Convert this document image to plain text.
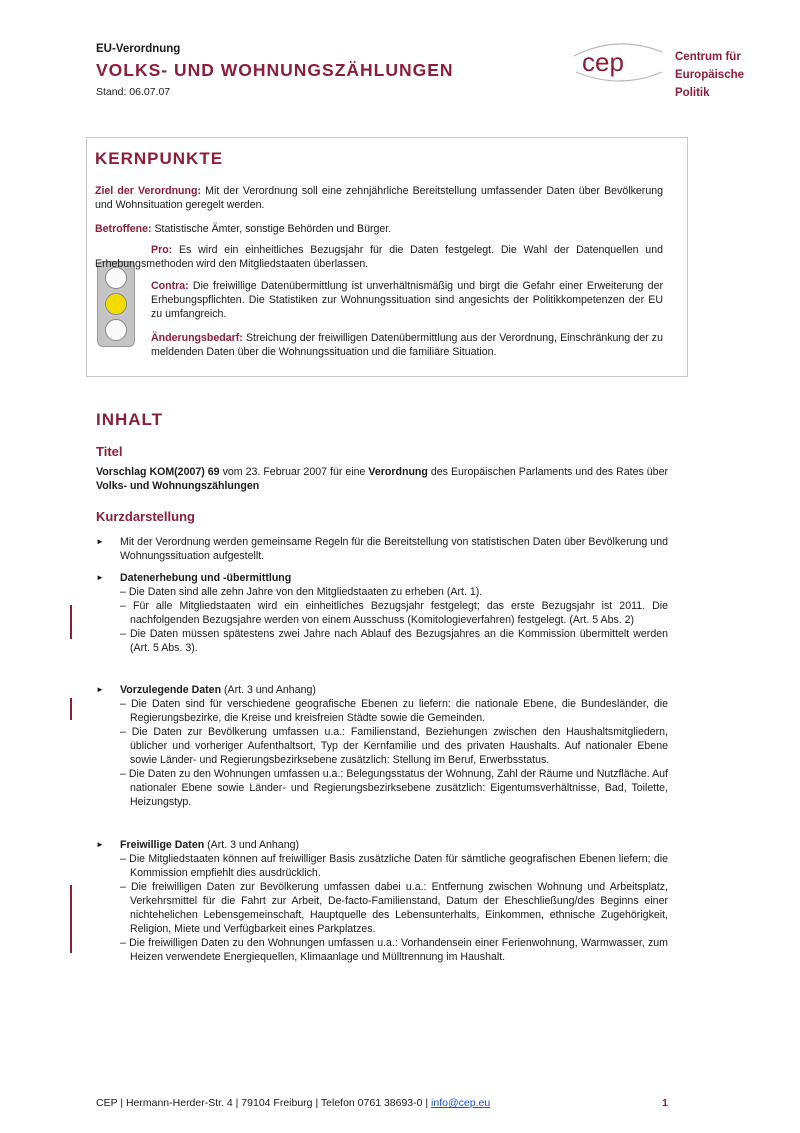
EU-Verordnung
VOLKS- UND WOHNUNGSZÄHLUNGEN
Stand: 06.07.07
cep	Centrum für
Europäische
Politik
KERNPUNKTE
Ziel der Verordnung: Mit der Verordnung soll eine zehnjährliche Bereitstellung umfassender Daten über Bevölkerung und Wohnsituation geregelt werden.
Betroffene: Statistische Ämter, sonstige Behörden und Bürger.
Pro: Es wird ein einheitliches Bezugsjahr für die Daten festgelegt. Die Wahl der Datenquellen und Erhebungsmethoden wird den Mitgliedstaaten überlassen.
Contra: Die freiwillige Datenübermittlung ist unverhältnismäßig und birgt die Gefahr einer Erweiterung der Erhebungspflichten. Die Statistiken zur Wohnungssituation sind angesichts der Politikkompetenzen der EU zu umfangreich.
Änderungsbedarf: Streichung der freiwilligen Datenübermittlung aus der Verordnung, Einschränkung der zu meldenden Daten über die Wohnungssituation und die familiäre Situation.
INHALT
Titel
Vorschlag KOM(2007) 69 vom 23. Februar 2007 für eine Verordnung des Europäischen Parlaments und des Rates über Volks- und Wohnungszählungen
Kurzdarstellung
► Mit der Verordnung werden gemeinsame Regeln für die Bereitstellung von statistischen Daten über Bevölkerung und Wohnungssituation aufgestellt.
► Datenerhebung und -übermittlung
– Die Daten sind alle zehn Jahre von den Mitgliedstaaten zu erheben (Art. 1).
– Für alle Mitgliedstaaten wird ein einheitliches Bezugsjahr festgelegt; das erste Bezugsjahr ist 2011. Die nachfolgenden Bezugsjahre werden von einem Ausschuss (Komitologieverfahren) festgelegt. (Art. 5 Abs. 2)
– Die Daten müssen spätestens zwei Jahre nach Ablauf des Bezugsjahres an die Kommission übermittelt werden (Art. 5 Abs. 3).
► Vorzulegende Daten (Art. 3 und Anhang)
– Die Daten sind für verschiedene geografische Ebenen zu liefern: die nationale Ebene, die Bundesländer, die Regierungsbezirke, die Kreise und kreisfreien Städte sowie die Gemeinden.
– Die Daten zur Bevölkerung umfassen u.a.: Familienstand, Beziehungen zwischen den Haushaltsmitgliedern, üblicher und vorheriger Aufenthaltsort, Typ der Kernfamilie und des privaten Haushalts. Auf nationaler Ebene sowie Länder- und Regierungsbezirksebene zusätzlich: Stellung im Beruf, Erwerbsstatus.
– Die Daten zu den Wohnungen umfassen u.a.: Belegungsstatus der Wohnung, Zahl der Räume und Nutzfläche. Auf nationaler Ebene sowie Länder- und Regierungsbezirksebene zusätzlich: Eigentumsverhältnisse, Bad, Toilette, Heizungstyp.
► Freiwillige Daten (Art. 3 und Anhang)
– Die Mitgliedstaaten können auf freiwilliger Basis zusätzliche Daten für sämtliche geografischen Ebenen liefern; die Kommission empfiehlt dies ausdrücklich.
– Die freiwilligen Daten zur Bevölkerung umfassen dabei u.a.: Entfernung zwischen Wohnung und Arbeitsplatz, Verkehrsmittel für die Fahrt zur Arbeit, De-facto-Familienstand, Datum der Eheschließung/des Beginns einer nichtehelichen Lebensgemeinschaft, Hauptquelle des Lebensunterhalts, Einkommen, ethnische Zugehörigkeit, Religion, Miete und Verfügbarkeit eines Parkplatzes.
– Die freiwilligen Daten zu den Wohnungen umfassen u.a.: Vorhandensein einer Ferienwohnung, Warmwasser, zum Heizen verwendete Energiequellen, Klimaanlage und Mülltrennung im Haushalt.
CEP | Hermann-Herder-Str. 4 | 79104 Freiburg | Telefon 0761 38693-0 | info@cep.eu	1
